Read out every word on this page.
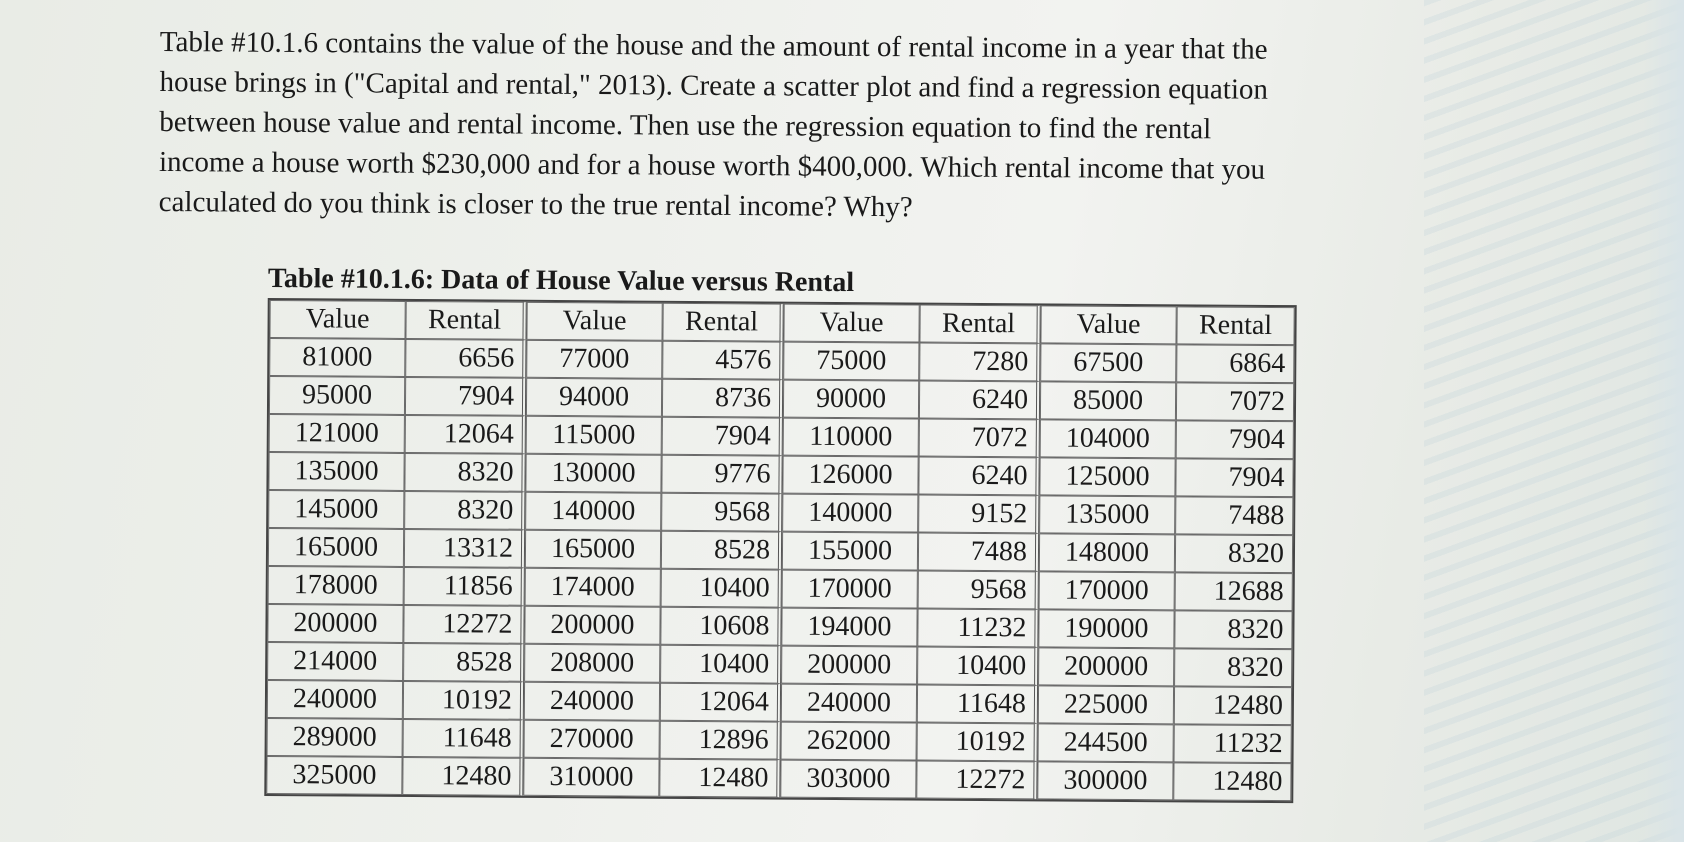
Table #10.1.6 contains the value of the house and the amount of rental income in a year that the
house brings in ("Capital and rental," 2013). Create a scatter plot and find a regression equation
between house value and rental income. Then use the regression equation to find the rental
income a house worth $230,000 and for a house worth $400,000. Which rental income that you
calculated do you think is closer to the true rental income? Why?
Table #10.1.6: Data of House Value versus Rental
Value	Rental	Value	Rental	Value	Rental	Value	Rental
81000	6656	77000	4576	75000	7280	67500	6864
95000	7904	94000	8736	90000	6240	85000	7072
121000	12064	115000	7904	110000	7072	104000	7904
135000	8320	130000	9776	126000	6240	125000	7904
145000	8320	140000	9568	140000	9152	135000	7488
165000	13312	165000	8528	155000	7488	148000	8320
178000	11856	174000	10400	170000	9568	170000	12688
200000	12272	200000	10608	194000	11232	190000	8320
214000	8528	208000	10400	200000	10400	200000	8320
240000	10192	240000	12064	240000	11648	225000	12480
289000	11648	270000	12896	262000	10192	244500	11232
325000	12480	310000	12480	303000	12272	300000	12480
